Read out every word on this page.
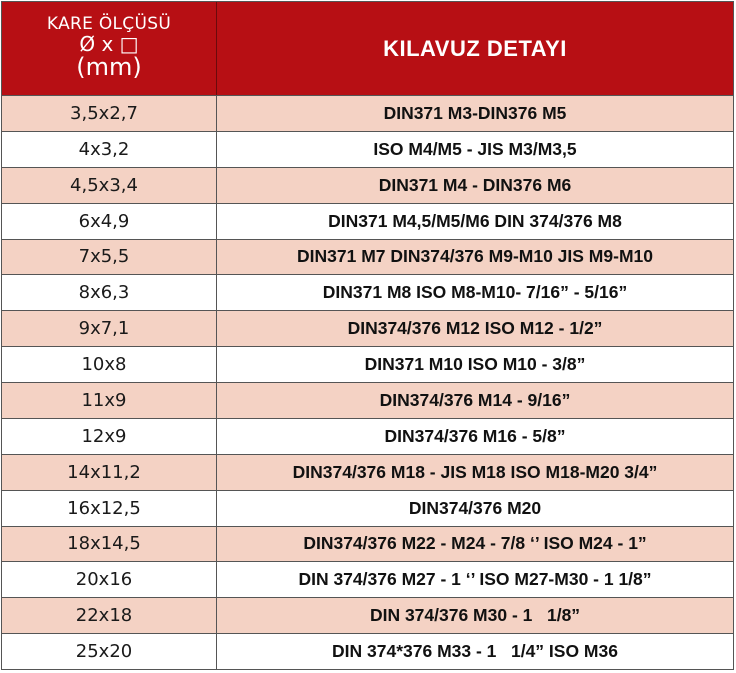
KARE ÖLÇÜSÜ
Ø x □
(mm)
KILAVUZ DETAYI
3,5x2,7	DIN371 M3-DIN376 M5
4x3,2	ISO M4/M5 - JIS M3/M3,5
4,5x3,4	DIN371 M4 - DIN376 M6
6x4,9	DIN371 M4,5/M5/M6 DIN 374/376 M8
7x5,5	DIN371 M7 DIN374/376 M9-M10 JIS M9-M10
8x6,3	DIN371 M8 ISO M8-M10- 7/16” - 5/16”
9x7,1	DIN374/376 M12 ISO M12 - 1/2”
10x8	DIN371 M10 ISO M10 - 3/8”
11x9	DIN374/376 M14 - 9/16”
12x9	DIN374/376 M16 - 5/8”
14x11,2	DIN374/376 M18 - JIS M18 ISO M18-M20 3/4”
16x12,5	DIN374/376 M20
18x14,5	DIN374/376 M22 - M24 - 7/8 ‘’ ISO M24 - 1”
20x16	DIN 374/376 M27 - 1 ‘’ ISO M27-M30 - 1 1/8”
22x18	DIN 374/376 M30 - 1   1/8”
25x20	DIN 374*376 M33 - 1   1/4” ISO M36
